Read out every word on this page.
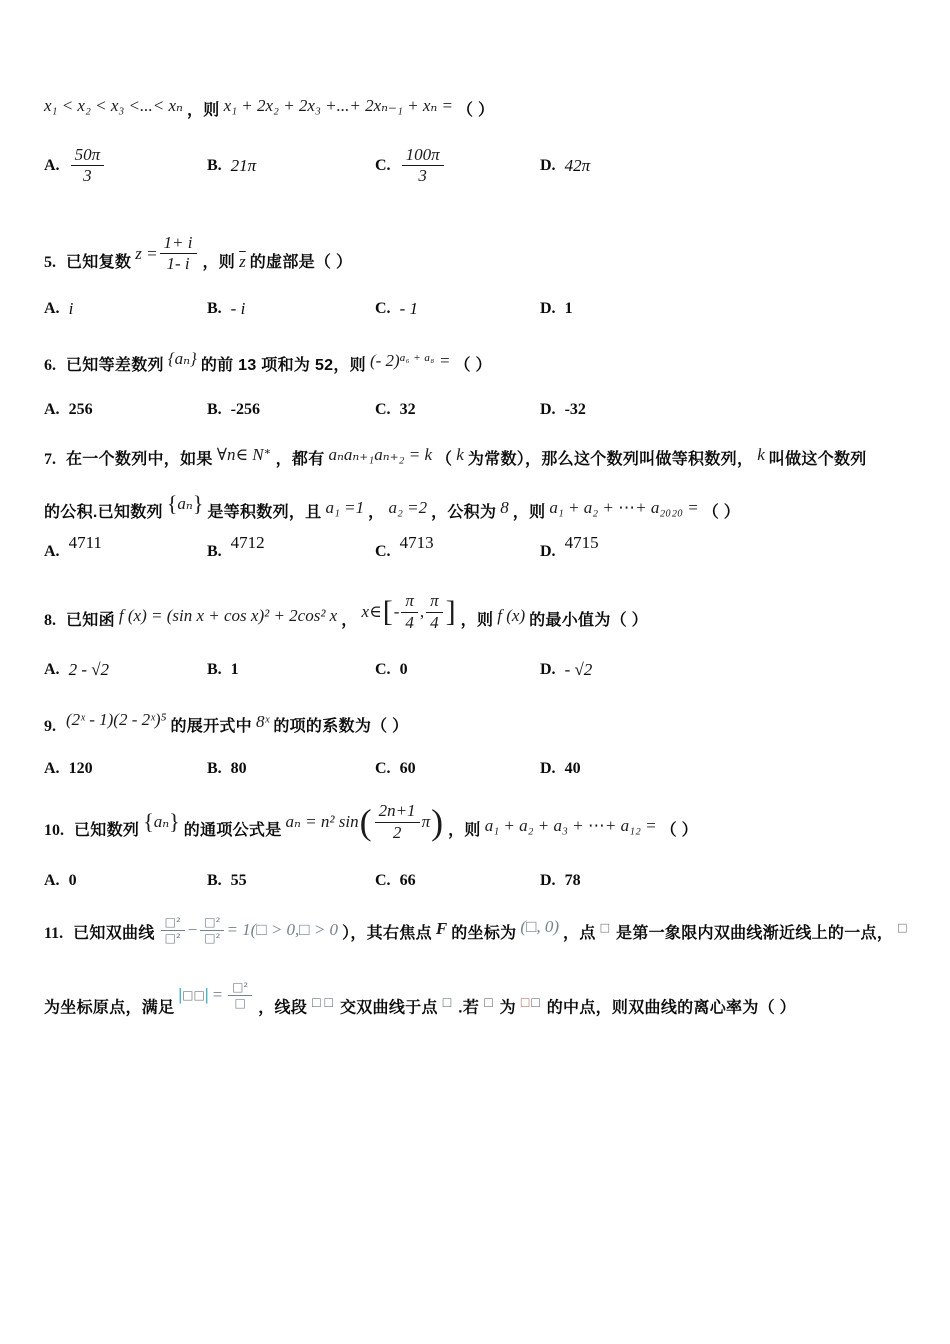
x₁ < x₂ < x₃ <...< xₙ ，则 x₁ + 2x₂ + 2x₃ +...+ 2xₙ₋₁ + xₙ = （ ）
A. $\frac{50\pi}{3}$	B. 21π	C. $\frac{100\pi}{3}$	D. 42π
5. 已知复数 $z = \frac{1+ i}{1- i}$ ，则 $\overline{z}$ 的虚部是（ ）
A. i	B. - i	C. - 1	D. 1
6. 已知等差数列 {aₙ} 的前 13 项和为 52，则 (- 2)$^{a_6 + a_8}$ = （ ）
A. 256	B. -256	C. 32	D. -32
7. 在一个数列中，如果 ∀n∈ N∗ ，都有 aₙaₙ₊₁aₙ₊₂ = k （ k 为常数），那么这个数列叫做等积数列， k 叫做这个数列
的公积.已知数列 { aₙ } 是等积数列，且 a₁ =1 ， a₂ =2 ，公积为 8 ，则 a₁ + a₂ + ⋯+ a₂₀₂₀ = （ ）
A. 4711	B. 4712	C. 4713	D. 4715
8. 已知函 f (x) = (sin x + cos x)² + 2cos² x ， x∈ [ - $\frac{\pi}{4}$ , $\frac{\pi}{4}$ ] ，则 f (x) 的最小值为（ ）
A. 2 - √2	B. 1	C. 0	D. - √2
9. (2ˣ - 1)(2 - 2ˣ)⁵ 的展开式中 8ˣ 的项的系数为（ ）
A. 120	B. 80	C. 60	D. 40
10. 已知数列 { aₙ } 的通项公式是 aₙ = n² sin ( $\frac{2n+1}{2}$ π ) ，则 a₁ + a₂ + a₃ + ⋯+ a₁₂ = （ ）
A. 0	B. 55	C. 66	D. 78
11. 已知双曲线 $\frac{\text{□²}}{\text{□²}} - \frac{\text{□²}}{\text{□²}}$ = 1(□ > 0,□ > 0 ），其右焦点 F 的坐标为 (□, 0) ，点 □ 是第一象限内双曲线渐近线上的一点， □
为坐标原点，满足
| □□ | = $\frac{\text{□²}}{□}$ ，线段 □□ 交双曲线于点 □ .若 □ 为 □□ 的中点，则双曲线的离心率为（ ）
